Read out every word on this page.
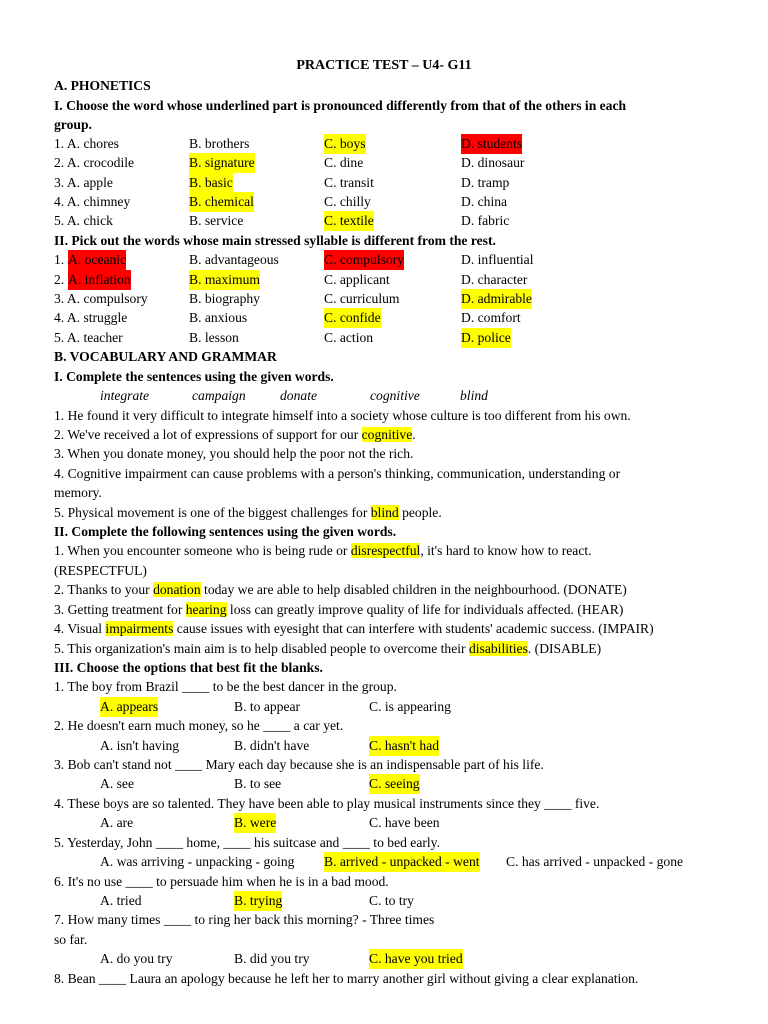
PRACTICE TEST – U4- G11
A. PHONETICS
I. Choose the word whose underlined part is pronounced differently from that of the others in each
group.
1. A. chores	B. brothers	C. boys	D. students
2. A. crocodile	B. signature	C. dine	D. dinosaur
3. A. apple	B. basic	C. transit	D. tramp
4. A. chimney	B. chemical	C. chilly	D. china
5. A. chick	B. service	C. textile	D. fabric
II. Pick out the words whose main stressed syllable is different from the rest.
1. A. oceanic	B. advantageous	C. compulsory	D. influential
2. A. inflation	B. maximum	C. applicant	D. character
3. A. compulsory	B. biography	C. curriculum	D. admirable
4. A. struggle	B. anxious	C. confide	D. comfort
5. A. teacher	B. lesson	C. action	D. police
B. VOCABULARY AND GRAMMAR
I. Complete the sentences using the given words.
integrate	campaign	donate	cognitive	blind
1. He found it very difficult to integrate himself into a society whose culture is too different from his own.
2. We've received a lot of expressions of support for our cognitive.
3. When you donate money, you should help the poor not the rich.
4. Cognitive impairment can cause problems with a person's thinking, communication, understanding or
memory.
5. Physical movement is one of the biggest challenges for blind people.
II. Complete the following sentences using the given words.
1. When you encounter someone who is being rude or disrespectful, it's hard to know how to react.
(RESPECTFUL)
2. Thanks to your donation today we are able to help disabled children in the neighbourhood. (DONATE)
3. Getting treatment for hearing loss can greatly improve quality of life for individuals affected. (HEAR)
4. Visual impairments cause issues with eyesight that can interfere with students' academic success. (IMPAIR)
5. This organization's main aim is to help disabled people to overcome their disabilities. (DISABLE)
III. Choose the options that best fit the blanks.
1. The boy from Brazil ____ to be the best dancer in the group.
A. appears	B. to appear	C. is appearing
2. He doesn't earn much money, so he ____ a car yet.
A. isn't having	B. didn't have	C. hasn't had
3. Bob can't stand not ____ Mary each day because she is an indispensable part of his life.
A. see	B. to see	C. seeing
4. These boys are so talented. They have been able to play musical instruments since they ____ five.
A. are	B. were	C. have been
5. Yesterday, John ____ home, ____ his suitcase and ____ to bed early.
A. was arriving - unpacking - going B. arrived - unpacked - went C. has arrived - unpacked - gone
6. It's no use ____ to persuade him when he is in a bad mood.
A. tried	B. trying	C. to try
7. How many times ____ to ring her back this morning? - Three times
so far.
A. do you try	B. did you try	C. have you tried
8. Bean ____ Laura an apology because he left her to marry another girl without giving a clear explanation.
